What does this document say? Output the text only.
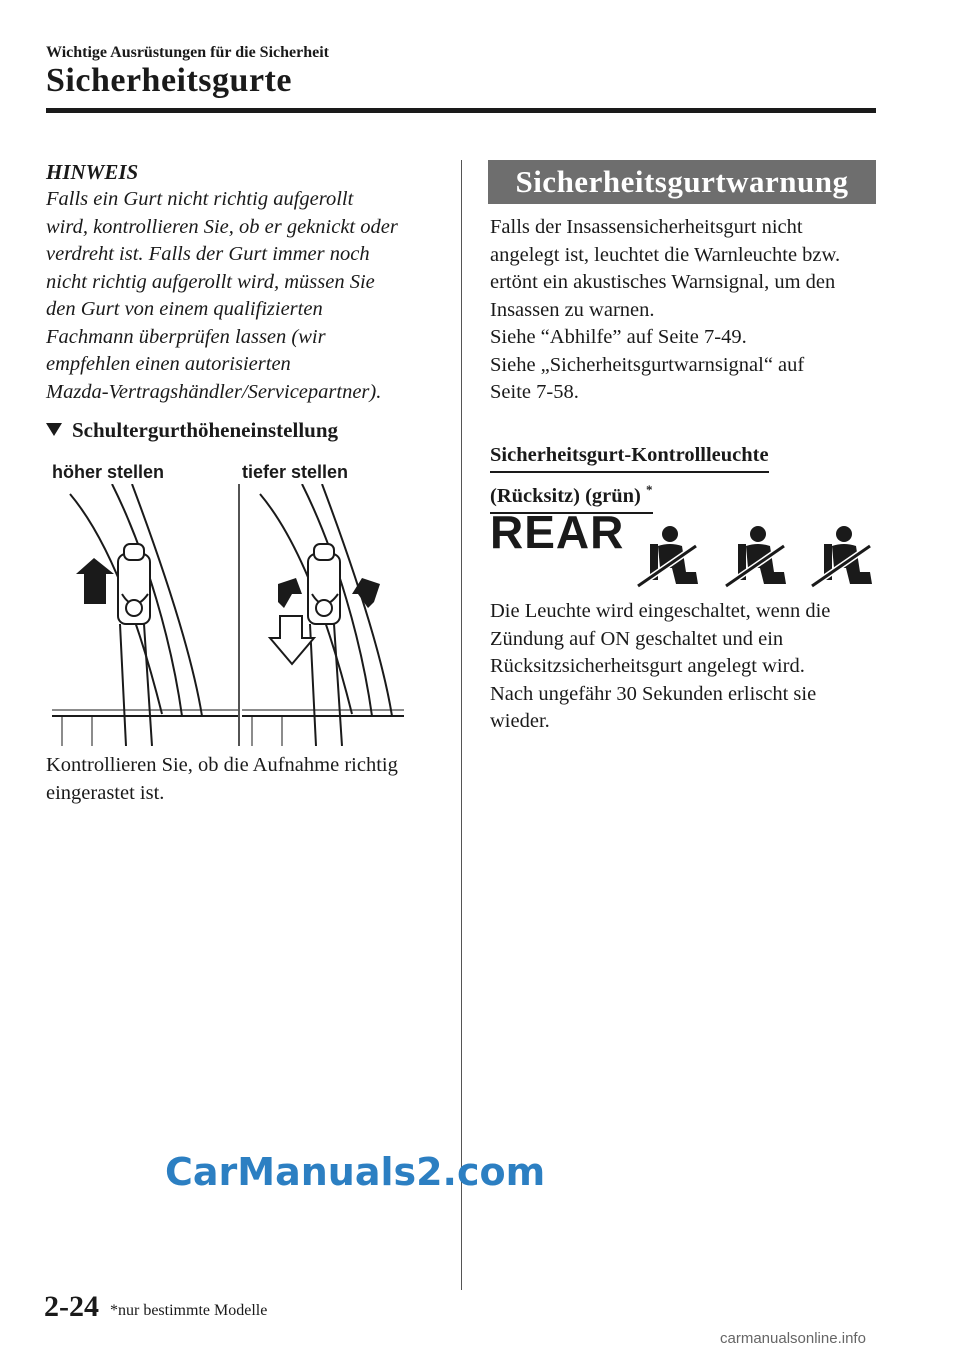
Wichtige Ausrüstungen für die Sicherheit
Sicherheitsgurte
HINWEIS
Falls ein Gurt nicht richtig aufgerollt
wird, kontrollieren Sie, ob er geknickt oder
verdreht ist. Falls der Gurt immer noch
nicht richtig aufgerollt wird, müssen Sie
den Gurt von einem qualifizierten
Fachmann überprüfen lassen (wir
empfehlen einen autorisierten
Mazda-Vertragshändler/Servicepartner).
Schultergurthöheneinstellung
höher stellen	tiefer stellen
Kontrollieren Sie, ob die Aufnahme richtig
eingerastet ist.
Sicherheitsgurtwarnung
Falls der Insassensicherheitsgurt nicht
angelegt ist, leuchtet die Warnleuchte bzw.
ertönt ein akustisches Warnsignal, um den
Insassen zu warnen.
Siehe “Abhilfe” auf Seite 7-49.
Siehe „Sicherheitsgurtwarnsignal“ auf
Seite 7-58.
Sicherheitsgurt-Kontrollleuchte
(Rücksitz) (grün) *
REAR
Die Leuchte wird eingeschaltet, wenn die
Zündung auf ON geschaltet und ein
Rücksitzsicherheitsgurt angelegt wird.
Nach ungefähr 30 Sekunden erlischt sie
wieder.
CarManuals2.com
2-24 *nur bestimmte Modelle
carmanualsonline.info
